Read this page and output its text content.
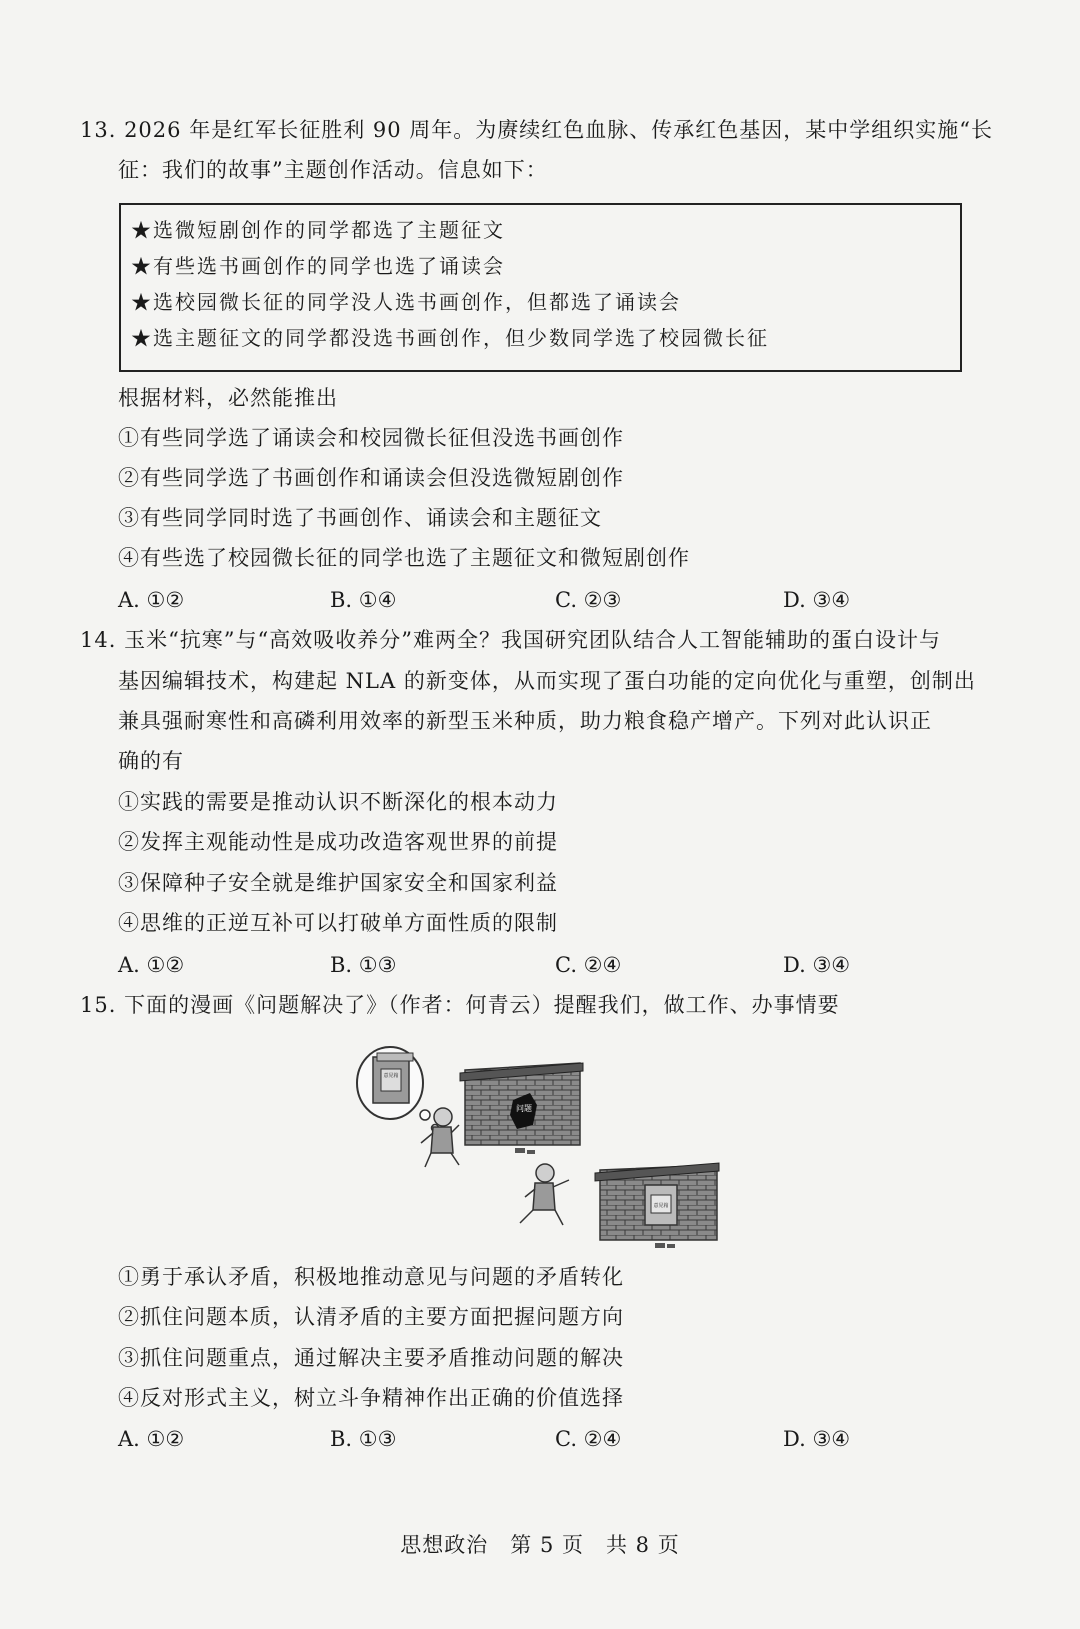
13. 2026 年是红军长征胜利 90 周年。为赓续红色血脉、传承红色基因，某中学组织实施“长
征：我们的故事”主题创作活动。信息如下：
★选微短剧创作的同学都选了主题征文
★有些选书画创作的同学也选了诵读会
★选校园微长征的同学没人选书画创作，但都选了诵读会
★选主题征文的同学都没选书画创作，但少数同学选了校园微长征
根据材料，必然能推出
①有些同学选了诵读会和校园微长征但没选书画创作
②有些同学选了书画创作和诵读会但没选微短剧创作
③有些同学同时选了书画创作、诵读会和主题征文
④有些选了校园微长征的同学也选了主题征文和微短剧创作
A. ①②	B. ①④	C. ②③	D. ③④
14. 玉米“抗寒”与“高效吸收养分”难两全？我国研究团队结合人工智能辅助的蛋白设计与
基因编辑技术，构建起 NLA 的新变体，从而实现了蛋白功能的定向优化与重塑，创制出
兼具强耐寒性和高磷利用效率的新型玉米种质，助力粮食稳产增产。下列对此认识正
确的有
①实践的需要是推动认识不断深化的根本动力
②发挥主观能动性是成功改造客观世界的前提
③保障种子安全就是维护国家安全和国家利益
④思维的正逆互补可以打破单方面性质的限制
A. ①②	B. ①③	C. ②④	D. ③④
15. 下面的漫画《问题解决了》（作者：何青云）提醒我们，做工作、办事情要
意见箱
问题
意见箱
①勇于承认矛盾，积极地推动意见与问题的矛盾转化
②抓住问题本质，认清矛盾的主要方面把握问题方向
③抓住问题重点，通过解决主要矛盾推动问题的解决
④反对形式主义，树立斗争精神作出正确的价值选择
A. ①②	B. ①③	C. ②④	D. ③④
思想政治　第 5 页　共 8 页
